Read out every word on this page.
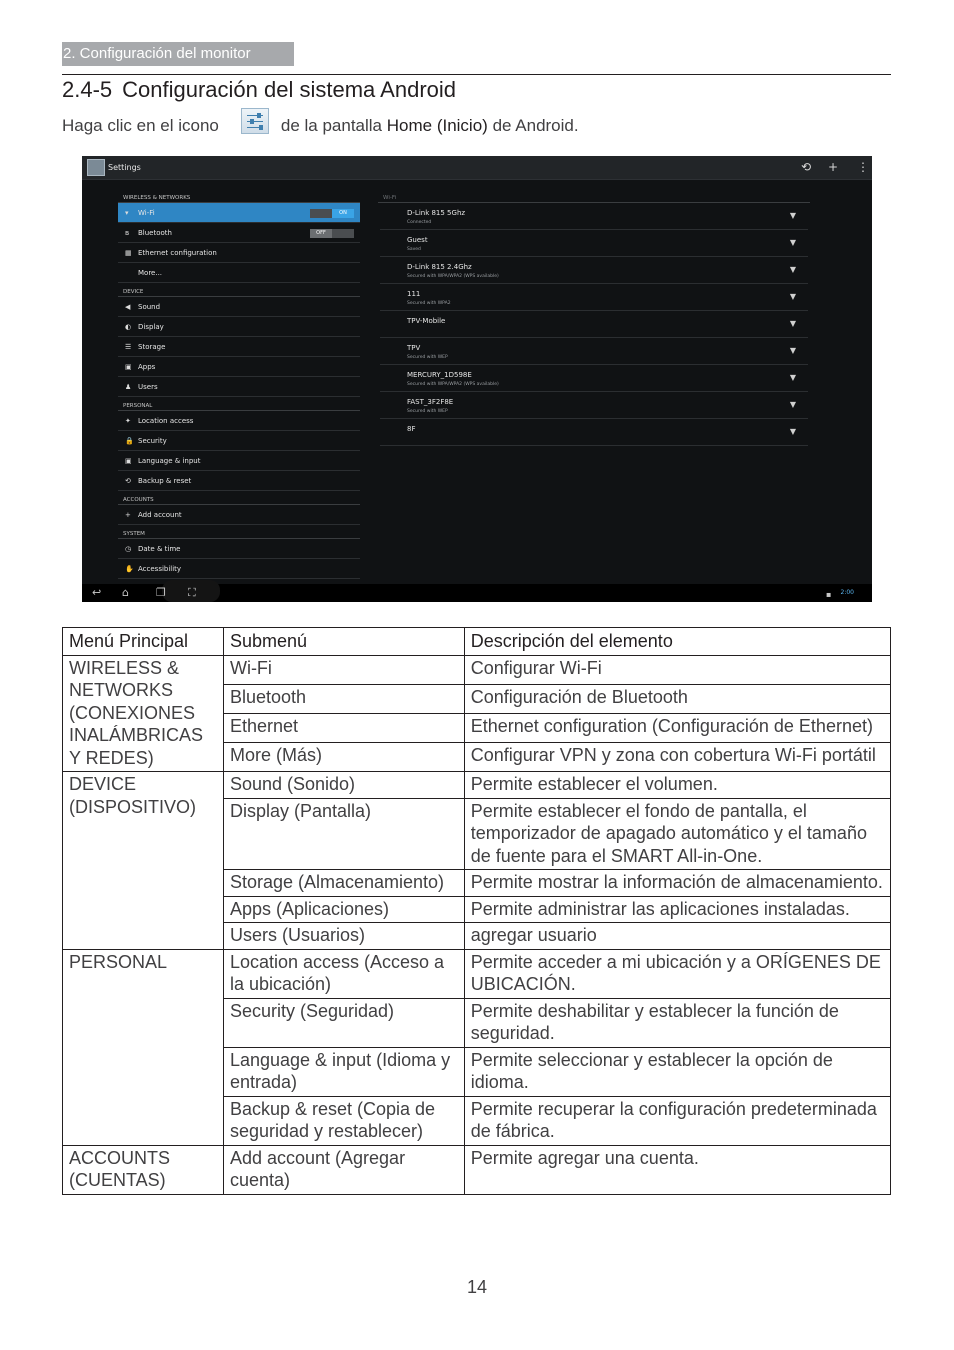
2. Configuración del monitor
2.4-5 Configuración del sistema Android

Haga clic en el icono	de la pantalla Home (Inicio) de Android.

Settings	⟲ + ⋮
WIRELESS & NETWORKS
▾ Wi-Fi	ON
ʙ Bluetooth	OFF
▦ Ethernet configuration
More...
DEVICE
◀ Sound
◐ Display
☰ Storage
▣ Apps
♟ Users
PERSONAL
✦ Location access
🔒 Security
▣ Language & input
⟲ Backup & reset
ACCOUNTS
+ Add account
SYSTEM
◷ Date & time
✋ Accessibility
Wi-Fi
D-Link 815 5Ghz
Connected
▼
Guest
Saved
▼
D-Link 815 2.4Ghz
Secured with WPA/WPA2 (WPS available)
▼
111
Secured with WPA2
▼
TPV-Mobile	▼
TPV
Secured with WEP
▼
MERCURY_1D598E
Secured with WPA/WPA2 (WPS available)
▼
FAST_3F2F8E
Secured with WEP
▼
8F	▼
↩ ⌂ ❐ ⛶	▪ 2:00
Menú Principal	Submenú	Descripción del elemento
WIRELESS & NETWORKS (CONEXIONES INALÁMBRICAS Y REDES)	Wi-Fi	Configurar Wi-Fi
	Bluetooth	Configuración de Bluetooth
	Ethernet	Ethernet configuration (Configuración de Ethernet)
	More (Más)	Configurar VPN y zona con cobertura Wi-Fi portátil
DEVICE (DISPOSITIVO)	Sound (Sonido)	Permite establecer el volumen.
	Display (Pantalla)	Permite establecer el fondo de pantalla, el temporizador de apagado automático y el tamaño de fuente para el SMART All-in-One.
	Storage (Almacenamiento)	Permite mostrar la información de almacenamiento.
	Apps (Aplicaciones)	Permite administrar las aplicaciones instaladas.
	Users (Usuarios)	agregar usuario
PERSONAL	Location access (Acceso a la ubicación)	Permite acceder a mi ubicación y a ORÍGENES DE UBICACIÓN.
	Security (Seguridad)	Permite deshabilitar y establecer la función de seguridad.
	Language & input (Idioma y entrada)	Permite seleccionar y establecer la opción de idioma.
	Backup & reset (Copia de seguridad y restablecer)	Permite recuperar la configuración predeterminada de fábrica.
ACCOUNTS (CUENTAS)	Add account (Agregar cuenta)	Permite agregar una cuenta.
14
